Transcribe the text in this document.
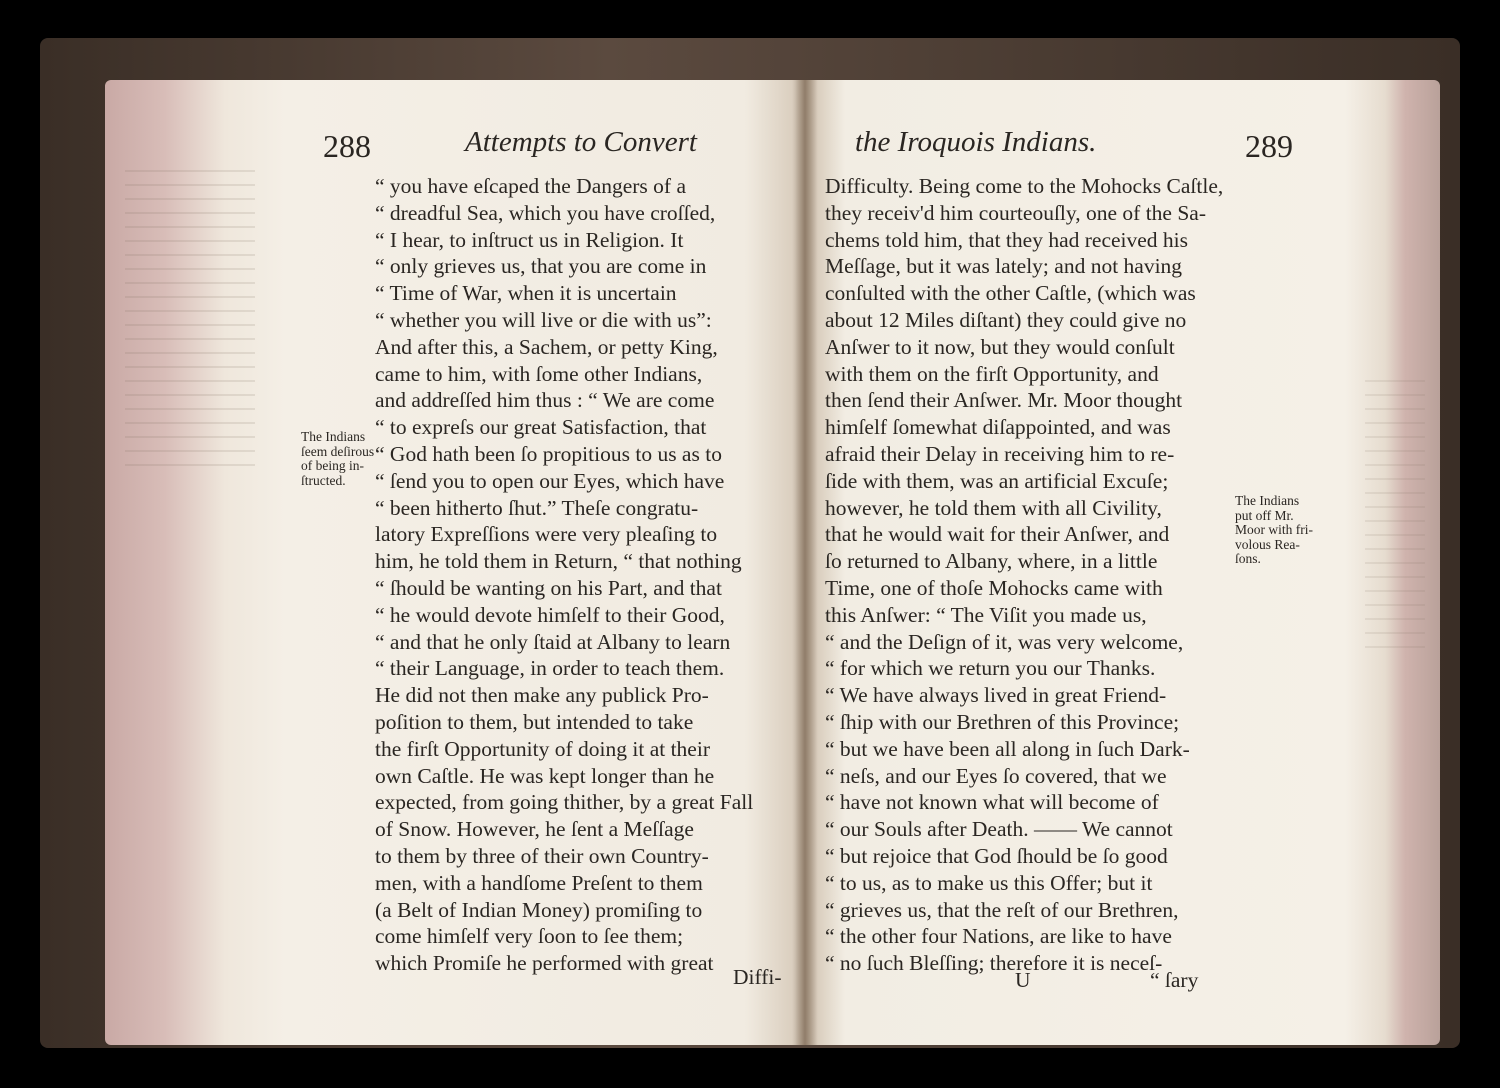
288	Attempts to Convert
The Indians
ſeem deſirous
of being in-
ſtructed.
“ you have eſcaped the Dangers of a
“ dreadful Sea, which you have croſſed,
“ I hear, to inſtruct us in Religion. It
“ only grieves us, that you are come in
“ Time of War, when it is uncertain
“ whether you will live or die with us”:
And after this, a Sachem, or petty King,
came to him, with ſome other Indians,
and addreſſed him thus : “ We are come
“ to expreſs our great Satisfaction, that
“ God hath been ſo propitious to us as to
“ ſend you to open our Eyes, which have
“ been hitherto ſhut.” Theſe congratu-
latory Expreſſions were very pleaſing to
him, he told them in Return, “ that nothing
“ ſhould be wanting on his Part, and that
“ he would devote himſelf to their Good,
“ and that he only ſtaid at Albany to learn
“ their Language, in order to teach them.
He did not then make any publick Pro-
poſition to them, but intended to take
the firſt Opportunity of doing it at their
own Caſtle. He was kept longer than he
expected, from going thither, by a great Fall
of Snow. However, he ſent a Meſſage
to them by three of their own Country-
men, with a handſome Preſent to them
(a Belt of Indian Money) promiſing to
come himſelf very ſoon to ſee them;
which Promiſe he performed with great
Diffi-
the Iroquois Indians.	289
The Indians
put off Mr.
Moor with fri-
volous Rea-
ſons.
Difficulty. Being come to the Mohocks Caſtle,
they receiv'd him courteouſly, one of the Sa-
chems told him, that they had received his
Meſſage, but it was lately; and not having
conſulted with the other Caſtle, (which was
about 12 Miles diſtant) they could give no
Anſwer to it now, but they would conſult
with them on the firſt Opportunity, and
then ſend their Anſwer. Mr. Moor thought
himſelf ſomewhat diſappointed, and was
afraid their Delay in receiving him to re-
ſide with them, was an artificial Excuſe;
however, he told them with all Civility,
that he would wait for their Anſwer, and
ſo returned to Albany, where, in a little
Time, one of thoſe Mohocks came with
this Anſwer: “ The Viſit you made us,
“ and the Deſign of it, was very welcome,
“ for which we return you our Thanks.
“ We have always lived in great Friend-
“ ſhip with our Brethren of this Province;
“ but we have been all along in ſuch Dark-
“ neſs, and our Eyes ſo covered, that we
“ have not known what will become of
“ our Souls after Death. —— We cannot
“ but rejoice that God ſhould be ſo good
“ to us, as to make us this Offer; but it
“ grieves us, that the reſt of our Brethren,
“ the other four Nations, are like to have
“ no ſuch Bleſſing; therefore it is neceſ-
U	“ ſary
